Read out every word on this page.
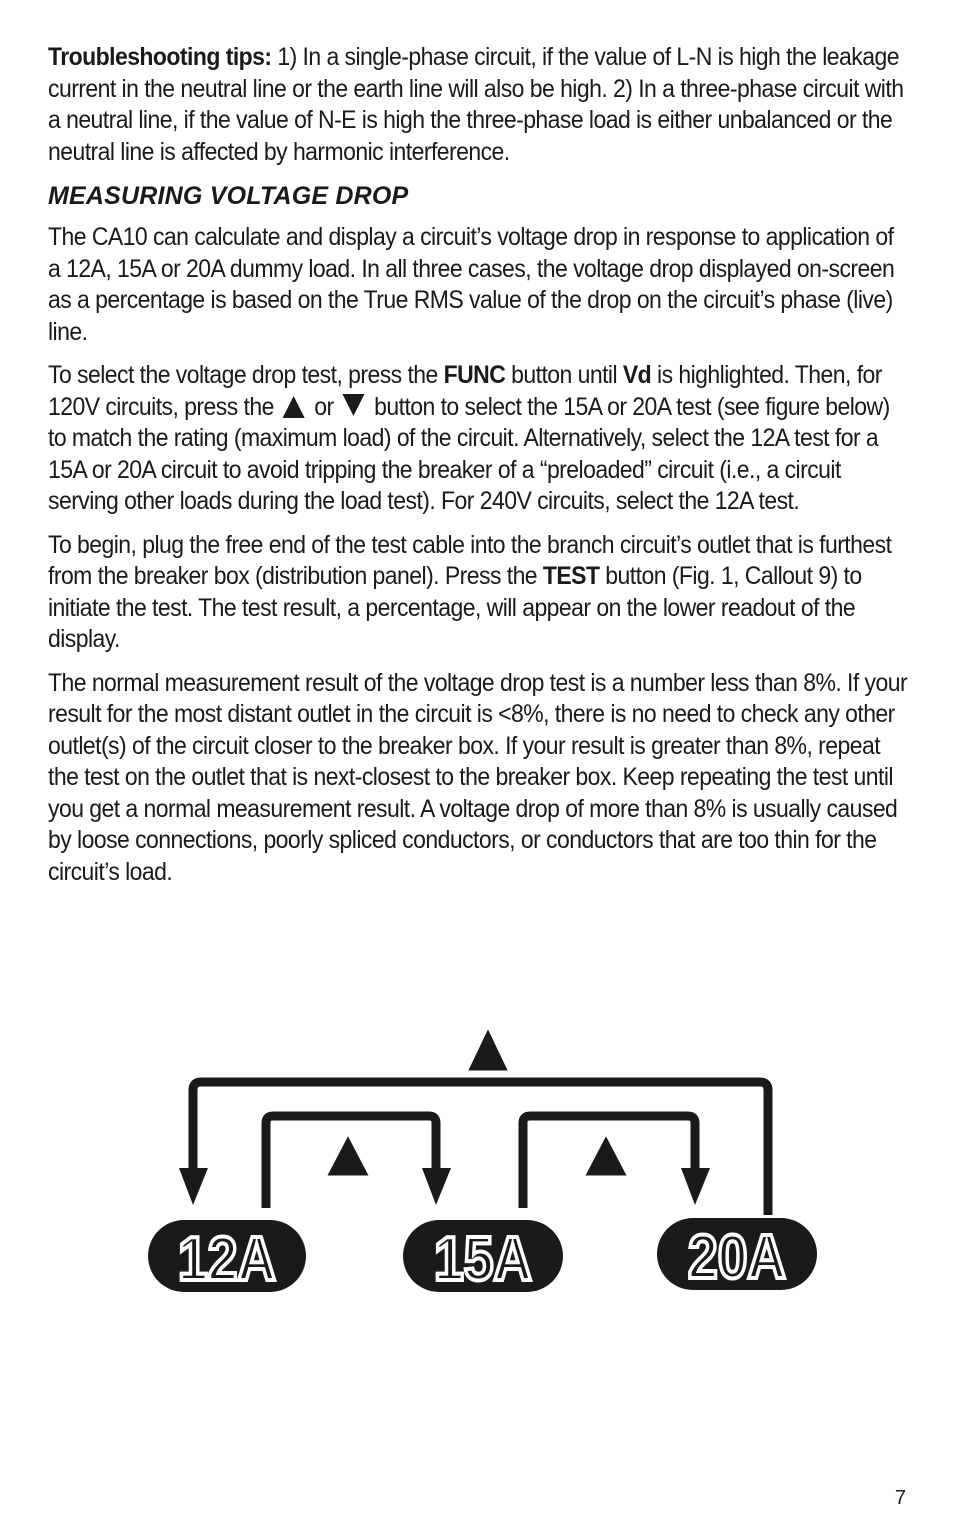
Troubleshooting tips: 1) In a single-phase circuit, if the value of L-N is high the leakage current in the neutral line or the earth line will also be high. 2) In a three-phase circuit with a neutral line, if the value of N-E is high the three-phase load is either unbalanced or the neutral line is affected by harmonic interference.

MEASURING VOLTAGE DROP

The CA10 can calculate and display a circuit’s voltage drop in response to application of a 12A, 15A or 20A dummy load. In all three cases, the voltage drop displayed on-screen as a percentage is based on the True RMS value of the drop on the circuit’s phase (live) line.

To select the voltage drop test, press the FUNC button until Vd is highlighted. Then, for 120V circuits, press the or button to select the 15A or 20A test (see figure below) to match the rating (maximum load) of the circuit. Alternatively, select the 12A test for a 15A or 20A circuit to avoid tripping the breaker of a “preloaded” circuit (i.e., a circuit serving other loads during the load test). For 240V circuits, select the 12A test.

To begin, plug the free end of the test cable into the branch circuit’s outlet that is furthest from the breaker box (distribution panel). Press the TEST button (Fig. 1, Callout 9) to initiate the test. The test result, a percentage, will appear on the lower readout of the display.

The normal measurement result of the voltage drop test is a number less than 8%. If your result for the most distant outlet in the circuit is <8%, there is no need to check any other outlet(s) of the circuit closer to the breaker box. If your result is greater than 8%, repeat the test on the outlet that is next-closest to the breaker box. Keep repeating the test until you get a normal measurement result. A voltage drop of more than 8% is usually caused by loose connections, poorly spliced conductors, or conductors that are too thin for the circuit’s load.

12A	15A	20A
7
